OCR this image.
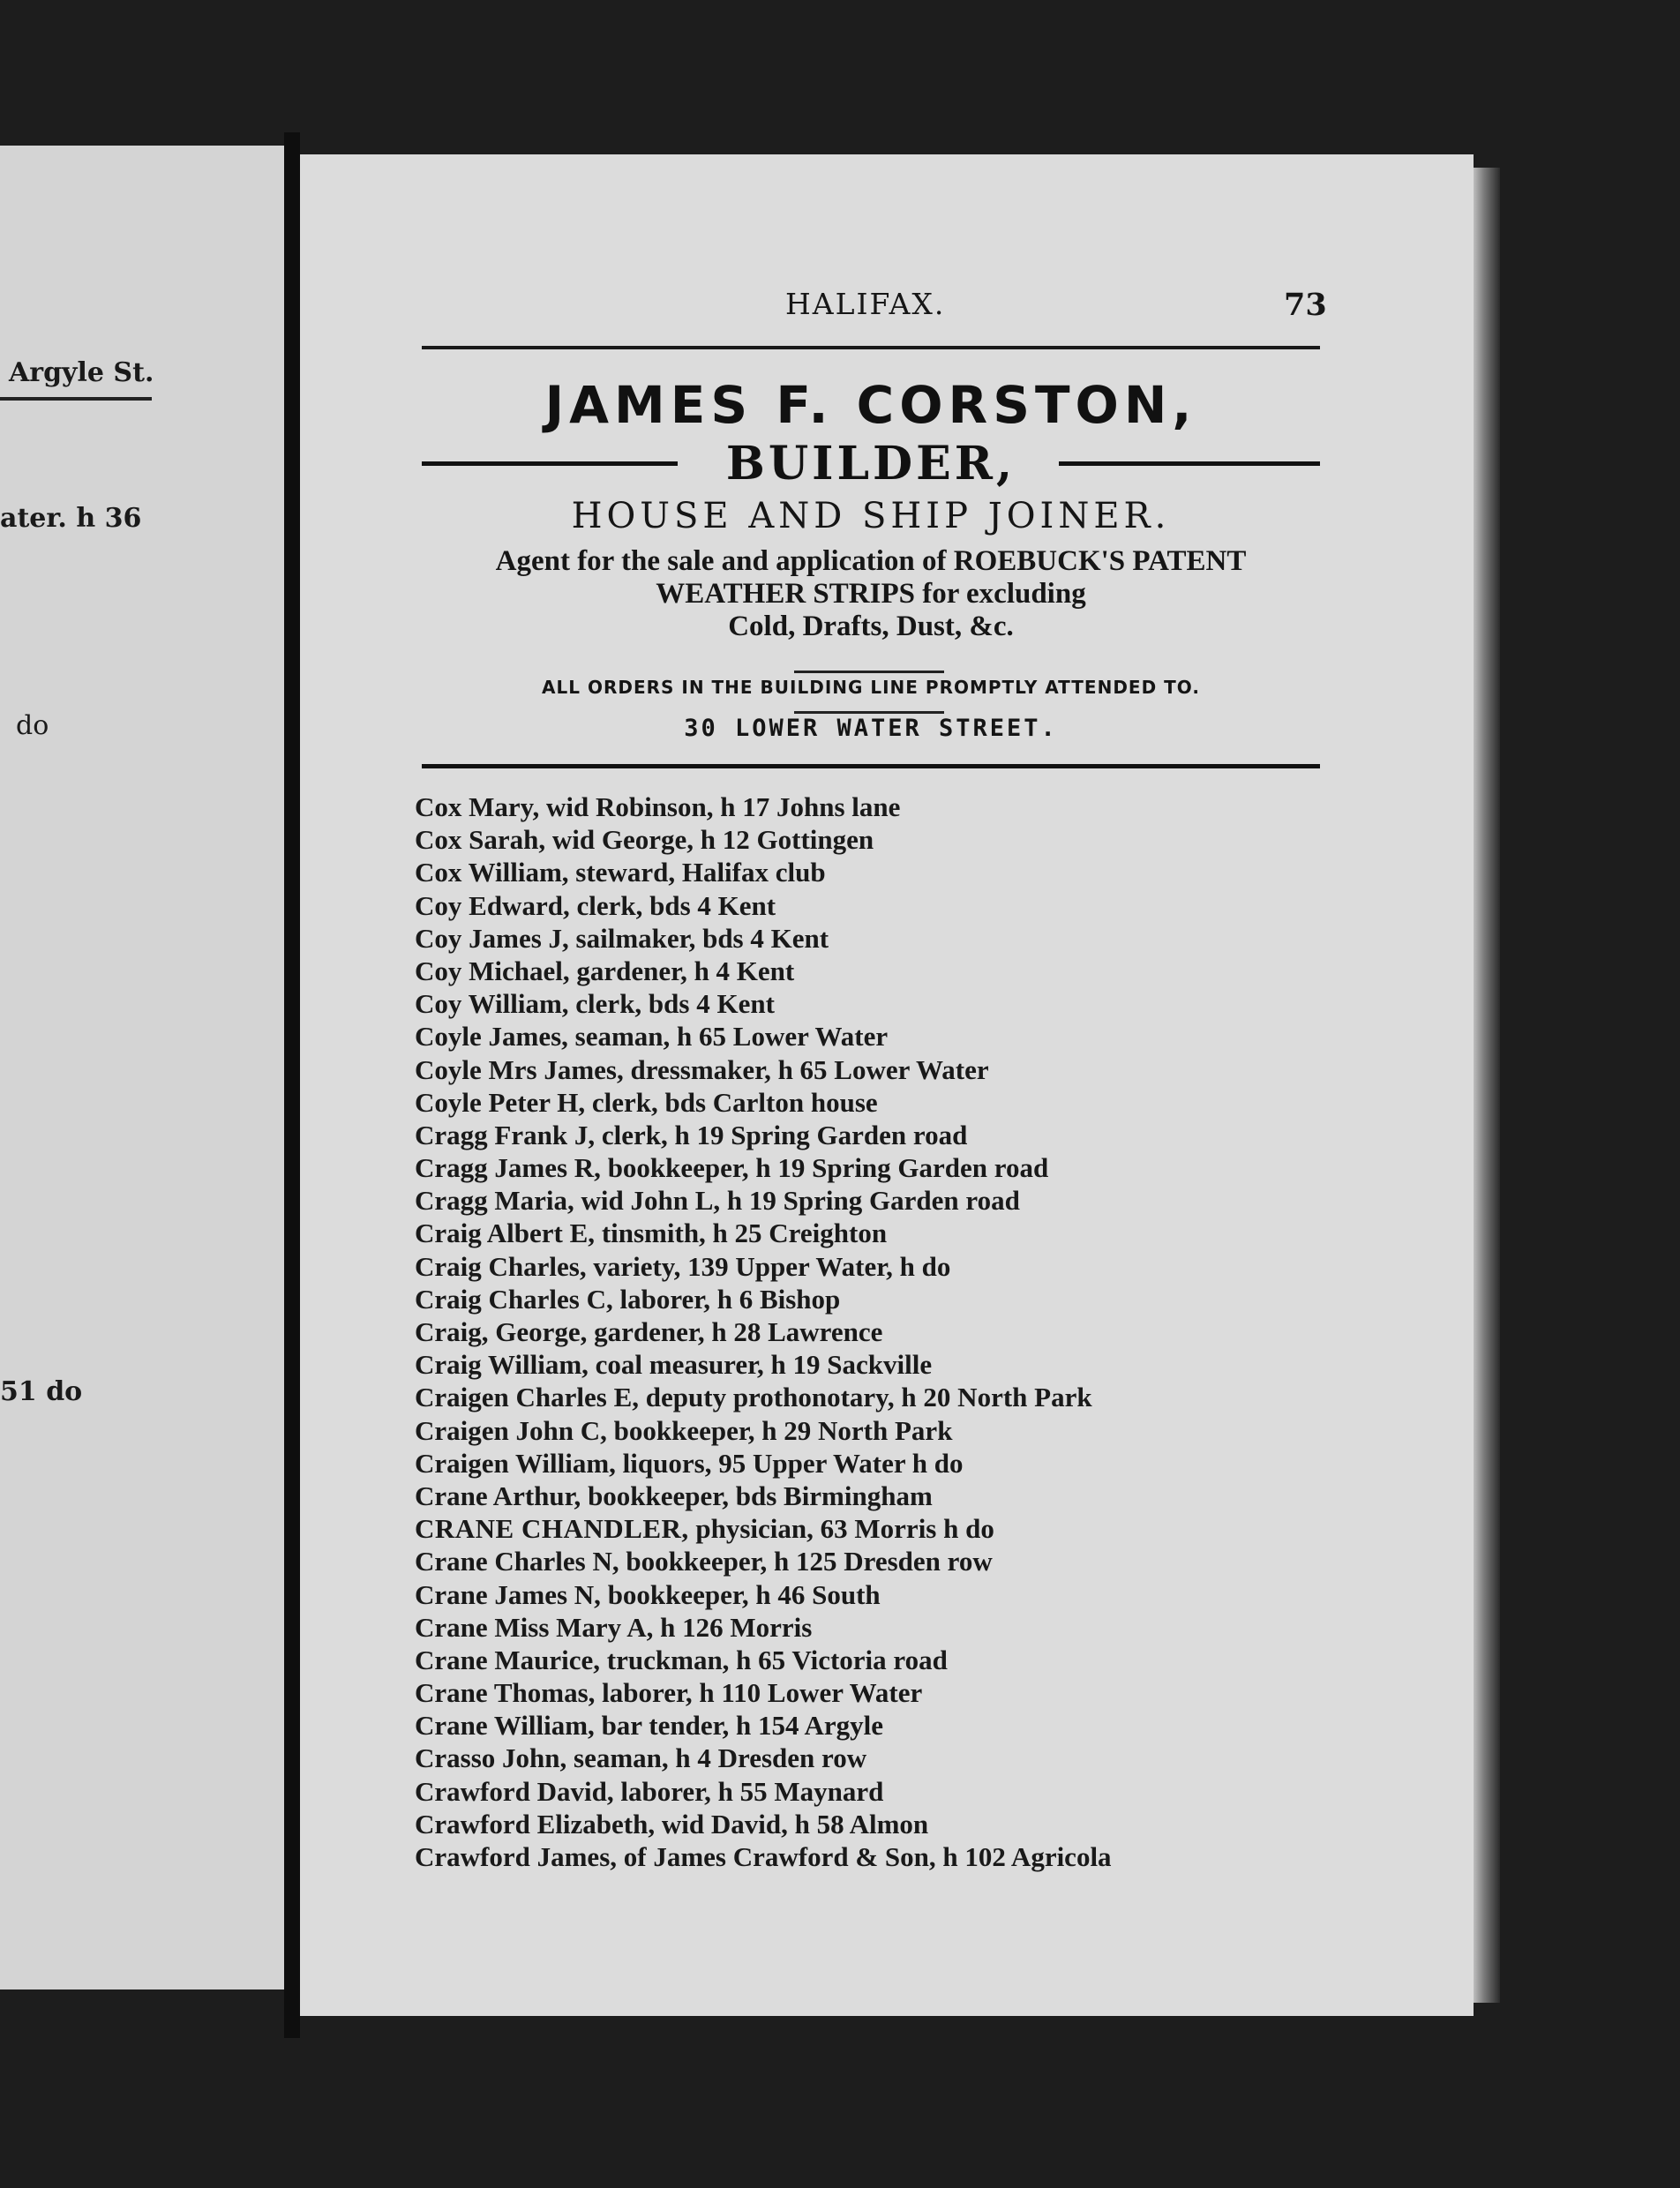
Argyle St.
ater. h 36
do
51 do
HALIFAX.	73
JAMES F. CORSTON,
BUILDER,
HOUSE AND SHIP JOINER.
Agent for the sale and application of ROEBUCK'S PATENT
WEATHER STRIPS for excluding
Cold, Drafts, Dust, &c.
ALL ORDERS IN THE BUILDING LINE PROMPTLY ATTENDED TO.
30 LOWER WATER STREET.
Cox Mary, wid Robinson, h 17 Johns lane
Cox Sarah, wid George, h 12 Gottingen
Cox William, steward, Halifax club
Coy Edward, clerk, bds 4 Kent
Coy James J, sailmaker, bds 4 Kent
Coy Michael, gardener, h 4 Kent
Coy William, clerk, bds 4 Kent
Coyle James, seaman, h 65 Lower Water
Coyle Mrs James, dressmaker, h 65 Lower Water
Coyle Peter H, clerk, bds Carlton house
Cragg Frank J, clerk, h 19 Spring Garden road
Cragg James R, bookkeeper, h 19 Spring Garden road
Cragg Maria, wid John L, h 19 Spring Garden road
Craig Albert E, tinsmith, h 25 Creighton
Craig Charles, variety, 139 Upper Water, h do
Craig Charles C, laborer, h 6 Bishop
Craig, George, gardener, h 28 Lawrence
Craig William, coal measurer, h 19 Sackville
Craigen Charles E, deputy prothonotary, h 20 North Park
Craigen John C, bookkeeper, h 29 North Park
Craigen William, liquors, 95 Upper Water h do
Crane Arthur, bookkeeper, bds Birmingham
CRANE CHANDLER, physician, 63 Morris h do
Crane Charles N, bookkeeper, h 125 Dresden row
Crane James N, bookkeeper, h 46 South
Crane Miss Mary A, h 126 Morris
Crane Maurice, truckman, h 65 Victoria road
Crane Thomas, laborer, h 110 Lower Water
Crane William, bar tender, h 154 Argyle
Crasso John, seaman, h 4 Dresden row
Crawford David, laborer, h 55 Maynard
Crawford Elizabeth, wid David, h 58 Almon
Crawford James, of James Crawford & Son, h 102 Agricola
